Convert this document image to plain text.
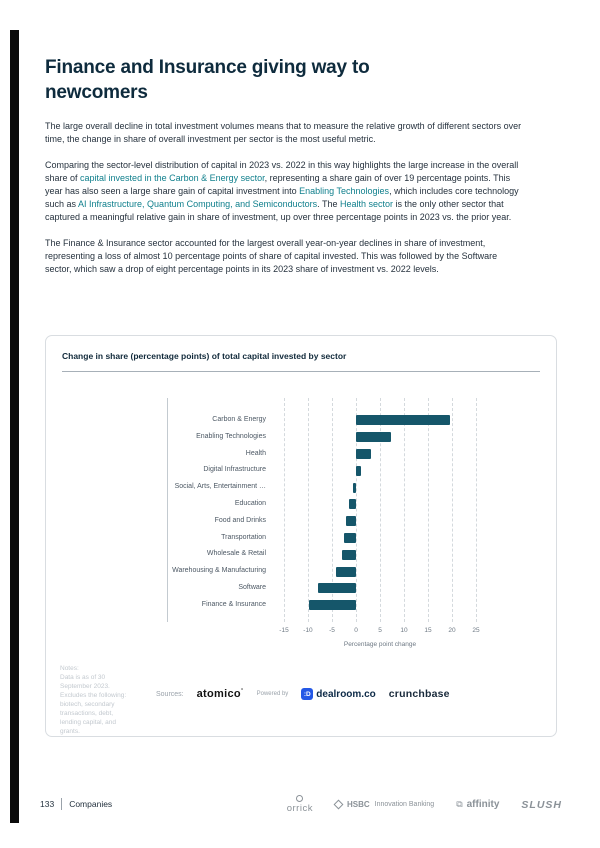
Finance and Insurance giving way to newcomers

The large overall decline in total investment volumes means that to measure the relative growth of different sectors over time, the change in share of overall investment per sector is the most useful metric.

Comparing the sector-level distribution of capital in 2023 vs. 2022 in this way highlights the large increase in the overall share of capital invested in the Carbon & Energy sector, representing a share gain of over 19 percentage points. This year has also seen a large share gain of capital investment into Enabling Technologies, which includes core technology such as AI Infrastructure, Quantum Computing, and Semiconductors. The Health sector is the only other sector that captured a meaningful relative gain in share of investment, up over three percentage points in 2023 vs. the prior year.

The Finance & Insurance sector accounted for the largest overall year-on-year declines in share of investment, representing a loss of almost 10 percentage points of share of capital invested. This was followed by the Software sector, which saw a drop of eight percentage points in its 2023 share of investment vs. 2022 levels.

Change in share (percentage points) of total capital invested by sector
Carbon & Energy
Enabling Technologies
Health
Digital Infrastructure
Social, Arts, Entertainment …
Education
Food and Drinks
Transportation
Wholesale & Retail
Warehousing & Manufacturing
Software
Finance & Insurance
-15 -10	-5	0	5	10	15	20	25
Percentage point change
Notes:
Data is as of 30
September 2023.
Excludes the following:
biotech, secondary
transactions, debt,
lending capital, and
grants.
Sources: atomico° Powered by	:D dealroom.co crunchbase
133 Companies	orrick	HSBC Innovation Banking ⧉ affinity SLUSH
